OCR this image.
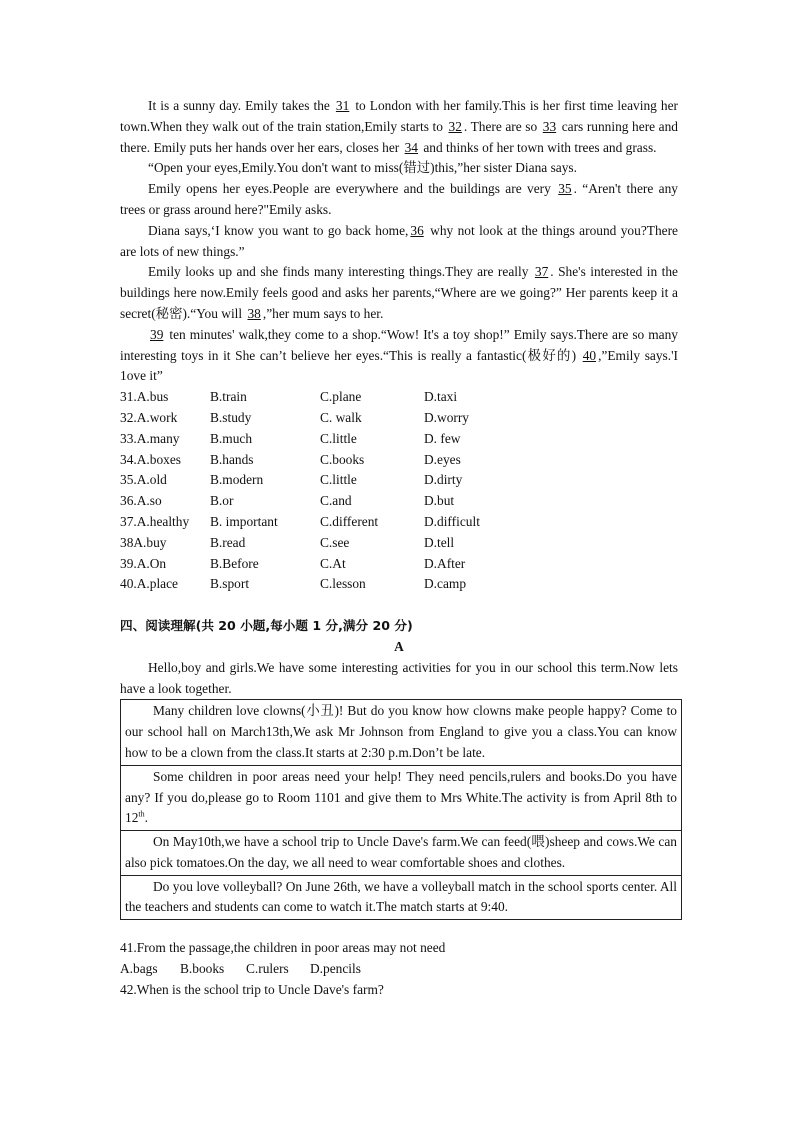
It is a sunny day. Emily takes the 31 to London with her family.This is her first time leaving her town.When they walk out of the train station,Emily starts to 32 . There are so 33 cars running here and there. Emily puts her hands over her ears, closes her 34 and thinks of her town with trees and grass.

“Open your eyes,Emily.You don't want to miss(错过)this,”her sister Diana says.

Emily opens her eyes.People are everywhere and the buildings are very 35 . “Aren't there any trees or grass around here?"Emily asks.

Diana says,‘I know you want to go back home, 36 why not look at the things around you?There are lots of new things.”

Emily looks up and she finds many interesting things.They are really 37 . She's interested in the buildings here now.Emily feels good and asks her parents,“Where are we going?” Her parents keep it a secret(秘密).“You will 38 ,”her mum says to her.

39 ten minutes' walk,they come to a shop.“Wow! It's a toy shop!” Emily says.There are so many interesting toys in it She can’t believe her eyes.“This is really a fantastic(极好的) 40 ,”Emily says.'I 1ove it”

31.A.bus	B.train	C.plane	D.taxi
32.A.work	B.study	C. walk	D.worry
33.A.many	B.much	C.little	D. few
34.A.boxes	B.hands	C.books	D.eyes
35.A.old	B.modern	C.little	D.dirty
36.A.so	B.or	C.and	D.but
37.A.healthy	B. important	C.different	D.difficult
38A.buy	B.read	C.see	D.tell
39.A.On	B.Before	C.At	D.After
40.A.place	B.sport	C.lesson	D.camp
四、阅读理解(共 20 小题,每小题 1 分,满分 20 分)
A

Hello,boy and girls.We have some interesting activities for you in our school this term.Now lets have a look together.

Many children love clowns(小丑)! But do you know how clowns make people happy? Come to our school hall on March13th,We ask Mr Johnson from England to give you a class.You can know how to be a clown from the class.It starts at 2:30 p.m.Don’t be late.

Some children in poor areas need your help! They need pencils,rulers and books.Do you have any? If you do,please go to Room 1101 and give them to Mrs White.The activity is from April 8th to 12th.

On May10th,we have a school trip to Uncle Dave's farm.We can feed(喂)sheep and cows.We can also pick tomatoes.On the day, we all need to wear comfortable shoes and clothes.

Do you love volleyball? On June 26th, we have a volleyball match in the school sports center. All the teachers and students can come to watch it.The match starts at 9:40.

41.From the passage,the children in poor areas may not need

A.bags	B.books	C.rulers	D.pencils

42.When is the school trip to Uncle Dave's farm?
